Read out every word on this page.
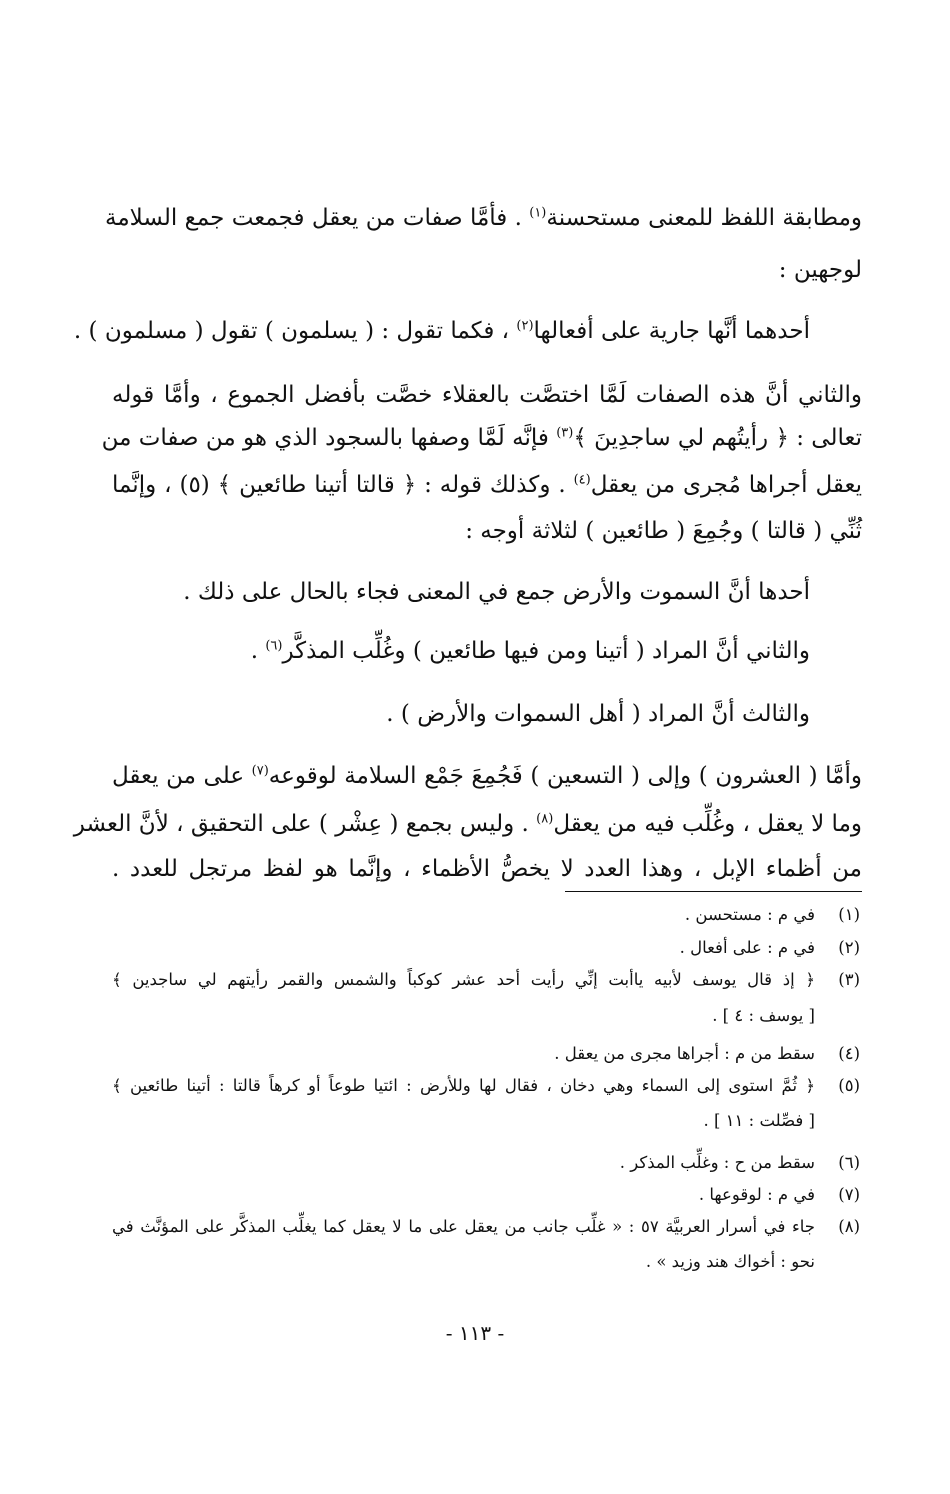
ومطابقة اللفظ للمعنى مستحسنة$^{(١)}$ . فأمَّا صفات من يعقل فجمعت جمع السلامة
لوجهين :
أحدهما أنَّها جارية على أفعالها$^{(٢)}$ ، فكما تقول : ( يسلمون ) تقول ( مسلمون ) .
والثاني أنَّ هذه الصفات لَمَّا اختصَّت بالعقلاء خصَّت بأفضل الجموع ، وأمَّا قوله
تعالى : ﴿ رأيتُهم لي ساجدِينَ ﴾$^{(٣)}$ فإنَّه لَمَّا وصفها بالسجود الذي هو من صفات من
يعقل أجراها مُجرى من يعقل$^{(٤)}$ . وكذلك قوله : ﴿ قالتا أتينا طائعين ﴾ (٥) ، وإنَّما
ثُنِّي ( قالتا ) وجُمِعَ ( طائعين ) لثلاثة أوجه :
أحدها أنَّ السموت والأرض جمع في المعنى فجاء بالحال على ذلك .
والثاني أنَّ المراد ( أتينا ومن فيها طائعين ) وغُلِّب المذكَّر$^{(٦)}$ .
والثالث أنَّ المراد ( أهل السموات والأرض ) .
وأمَّا ( العشرون ) وإلى ( التسعين ) فَجُمِعَ جَمْع السلامة لوقوعه$^{(٧)}$ على من يعقل
وما لا يعقل ، وغُلِّب فيه من يعقل$^{(٨)}$ . وليس بجمع ( عِشْر ) على التحقيق ، لأنَّ العشر
من أظماء الإبل ، وهذا العدد لا يخصُّ الأظماء ، وإنَّما هو لفظ مرتجل للعدد .
(١)
في م : مستحسن .
(٢)
في م : على أفعال .
(٣)
﴿ إذ قال يوسف لأبيه ياأبت إنِّي رأيت أحد عشر كوكباً والشمس والقمر رأيتهم لي ساجدين ﴾
[ يوسف : ٤ ] .
(٤)
سقط من م : أجراها مجرى من يعقل .
(٥)
﴿ ثُمَّ استوى إلى السماء وهي دخان ، فقال لها وللأرض : ائتيا طوعاً أو كرهاً قالتا : أتينا طائعين ﴾
[ فصِّلت : ١١ ] .
(٦)
سقط من ح : وغلِّب المذكر .
(٧)
في م : لوقوعها .
(٨)
جاء في أسرار العربيَّة ٥٧ : « غلِّب جانب من يعقل على ما لا يعقل كما يغلِّب المذكَّر على المؤنَّث في
نحو : أخواك هند وزيد » .
- ١١٣ -
